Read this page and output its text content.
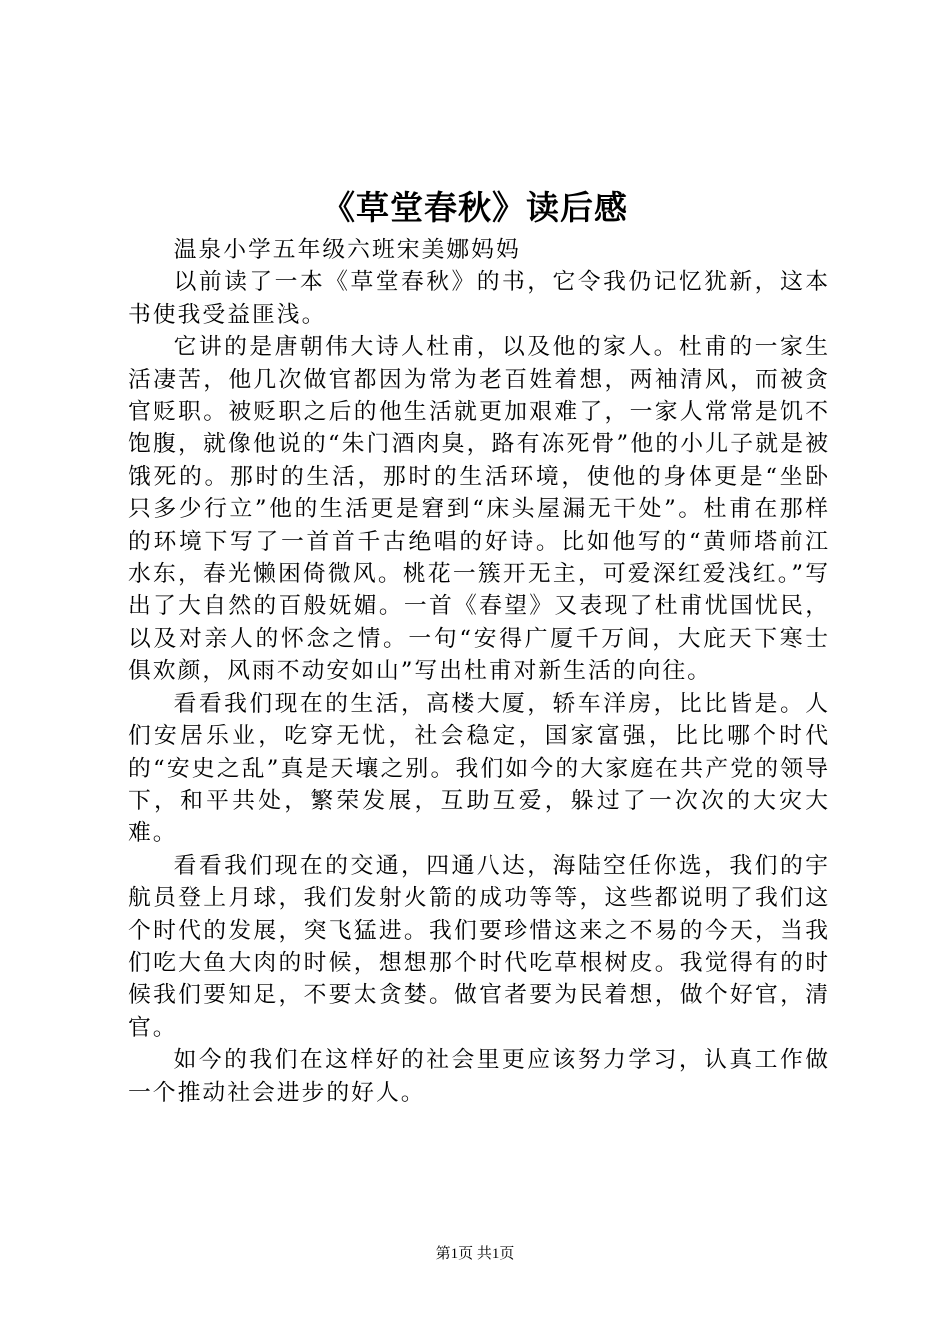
《草堂春秋》读后感

温泉小学五年级六班宋美娜妈妈

以前读了一本《草堂春秋》的书，它令我仍记忆犹新，这本书使我受益匪浅。

它讲的是唐朝伟大诗人杜甫，以及他的家人。杜甫的一家生活凄苦，他几次做官都因为常为老百姓着想，两袖清风，而被贪官贬职。被贬职之后的他生活就更加艰难了，一家人常常是饥不饱腹，就像他说的“朱门酒肉臭，路有冻死骨”他的小儿子就是被饿死的。那时的生活，那时的生活环境，使他的身体更是“坐卧只多少行立”他的生活更是窘到“床头屋漏无干处”。杜甫在那样的环境下写了一首首千古绝唱的好诗。比如他写的“黄师塔前江水东，春光懒困倚微风。桃花一簇开无主，可爱深红爱浅红。”写出了大自然的百般妩媚。一首《春望》又表现了杜甫忧国忧民，以及对亲人的怀念之情。一句“安得广厦千万间，大庇天下寒士俱欢颜，风雨不动安如山”写出杜甫对新生活的向往。

看看我们现在的生活，高楼大厦，轿车洋房，比比皆是。人们安居乐业，吃穿无忧，社会稳定，国家富强，比比哪个时代的“安史之乱”真是天壤之别。我们如今的大家庭在共产党的领导下，和平共处，繁荣发展，互助互爱，躲过了一次次的大灾大难。

看看我们现在的交通，四通八达，海陆空任你选，我们的宇航员登上月球，我们发射火箭的成功等等，这些都说明了我们这个时代的发展，突飞猛进。我们要珍惜这来之不易的今天，当我们吃大鱼大肉的时候，想想那个时代吃草根树皮。我觉得有的时候我们要知足，不要太贪婪。做官者要为民着想，做个好官，清官。

如今的我们在这样好的社会里更应该努力学习，认真工作做一个推动社会进步的好人。

第1页 共1页
